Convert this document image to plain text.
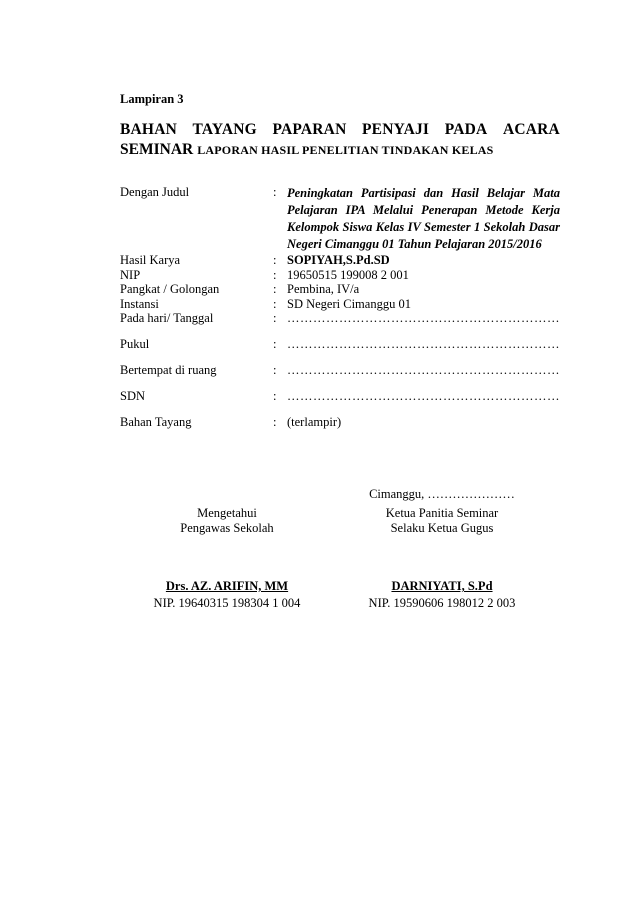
Lampiran 3
BAHAN TAYANG PAPARAN PENYAJI PADA ACARA
SEMINAR LAPORAN HASIL PENELITIAN TINDAKAN KELAS
Dengan Judul	: Peningkatan Partisipasi dan Hasil Belajar Mata Pelajaran IPA Melalui Penerapan Metode Kerja Kelompok Siswa Kelas IV Semester 1 Sekolah Dasar Negeri Cimanggu 01 Tahun Pelajaran 2015/2016
Hasil Karya	: SOPIYAH,S.Pd.SD
NIP	: 19650515 199008 2 001
Pangkat / Golongan	: Pembina, IV/a
Instansi	: SD Negeri Cimanggu 01
Pada hari/ Tanggal	: ………………………………………………………
Pukul	: ………………………………………………………
Bertempat di ruang	: ………………………………………………………
SDN	: ………………………………………………………
Bahan Tayang	: (terlampir)
Cimanggu, …………………
Mengetahui
Pengawas Sekolah
Drs. AZ. ARIFIN, MM
NIP. 19640315 198304 1 004
Ketua Panitia Seminar
Selaku Ketua Gugus
DARNIYATI, S.Pd
NIP. 19590606 198012 2 003
